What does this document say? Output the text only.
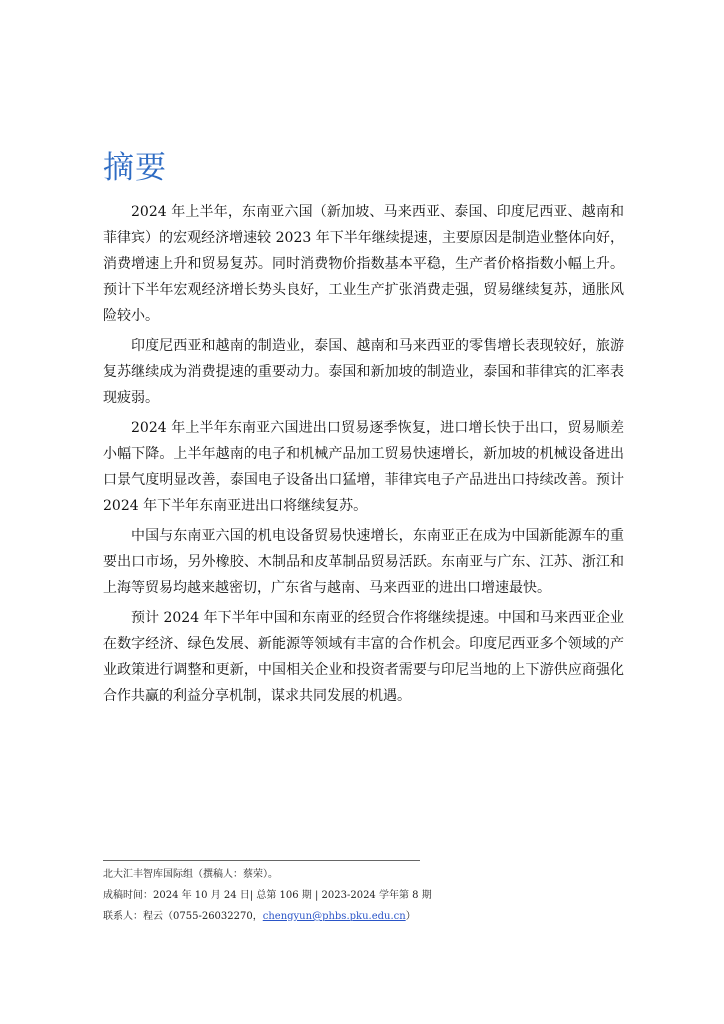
摘要

2024 年上半年，东南亚六国（新加坡、马来西亚、泰国、印度尼西亚、越南和菲律宾）的宏观经济增速较 2023 年下半年继续提速，主要原因是制造业整体向好，消费增速上升和贸易复苏。同时消费物价指数基本平稳，生产者价格指数小幅上升。预计下半年宏观经济增长势头良好，工业生产扩张消费走强，贸易继续复苏，通胀风险较小。

印度尼西亚和越南的制造业，泰国、越南和马来西亚的零售增长表现较好，旅游复苏继续成为消费提速的重要动力。泰国和新加坡的制造业，泰国和菲律宾的汇率表现疲弱。

2024 年上半年东南亚六国进出口贸易逐季恢复，进口增长快于出口，贸易顺差小幅下降。上半年越南的电子和机械产品加工贸易快速增长，新加坡的机械设备进出口景气度明显改善，泰国电子设备出口猛增，菲律宾电子产品进出口持续改善。预计 2024 年下半年东南亚进出口将继续复苏。

中国与东南亚六国的机电设备贸易快速增长，东南亚正在成为中国新能源车的重要出口市场，另外橡胶、木制品和皮革制品贸易活跃。东南亚与广东、江苏、浙江和上海等贸易均越来越密切，广东省与越南、马来西亚的进出口增速最快。

预计 2024 年下半年中国和东南亚的经贸合作将继续提速。中国和马来西亚企业在数字经济、绿色发展、新能源等领域有丰富的合作机会。印度尼西亚多个领域的产业政策进行调整和更新，中国相关企业和投资者需要与印尼当地的上下游供应商强化合作共赢的利益分享机制，谋求共同发展的机遇。

北大汇丰智库国际组（撰稿人：蔡荣）。
成稿时间：2024 年 10 月 24 日| 总第 106 期 | 2023-2024 学年第 8 期
联系人：程云（0755-26032270，chengyun@phbs.pku.edu.cn）
